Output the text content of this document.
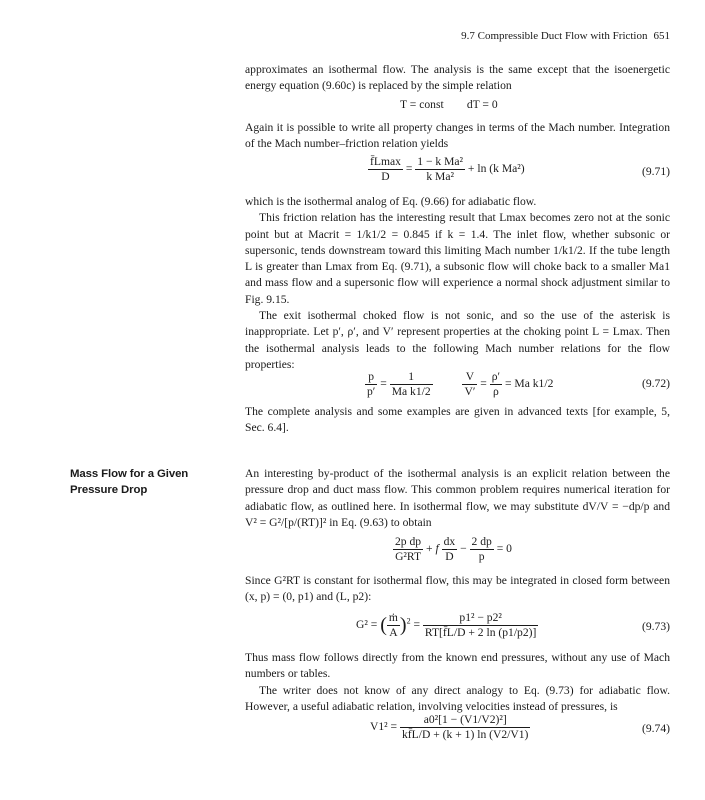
9.7 Compressible Duct Flow with Friction 651

approximates an isothermal flow. The analysis is the same except that the isoenergetic energy equation (9.60c) is replaced by the simple relation

T = const        dT = 0

Again it is possible to write all property changes in terms of the Mach number. Integration of the Mach number–friction relation yields

$\frac{f̄Lmax}{D} = \frac{\text{1 − k Ma²}}{\text{k Ma²}} + \ln (k$ Ma²)	(9.71)

which is the isothermal analog of Eq. (9.66) for adiabatic flow.

This friction relation has the interesting result that Lmax becomes zero not at the sonic point but at Macrit = 1/k1/2 = 0.845 if k = 1.4. The inlet flow, whether subsonic or supersonic, tends downstream toward this limiting Mach number 1/k1/2. If the tube length L is greater than Lmax from Eq. (9.71), a subsonic flow will choke back to a smaller Ma1 and mass flow and a supersonic flow will experience a normal shock adjustment similar to Fig. 9.15.

The exit isothermal choked flow is not sonic, and so the use of the asterisk is inappropriate. Let p′, ρ′, and V′ represent properties at the choking point L = Lmax. Then the isothermal analysis leads to the following Mach number relations for the flow properties:

$\frac{p}{p'} = \frac{1}{\text{Ma k1/2}}$
	$\frac{V}{V'} = \frac{\rho'}{\rho} = Ma$ k1/2	(9.72)

The complete analysis and some examples are given in advanced texts [for example, 5, Sec. 6.4].

Mass Flow for a Given Pressure Drop

An interesting by-product of the isothermal analysis is an explicit relation between the pressure drop and duct mass flow. This common problem requires numerical iteration for adiabatic flow, as outlined here. In isothermal flow, we may substitute dV/V = −dp/p and V² = G²/[p/(RT)]² in Eq. (9.63) to obtain

$\frac{\text{2p dp}}{\text{G²RT}} + f \frac{dx}{D} - \frac{2 dp}{p} = 0$

Since G²RT is constant for isothermal flow, this may be integrated in closed form between (x, p) = (0, p1) and (L, p2):

G² = ( $\frac{\text{ṁ}}{A} )^2 = \frac{\text{p1² − p2²}}{RT[f̄L/D + 2 \ln (p1/p2)]}$	(9.73)

Thus mass flow follows directly from the known end pressures, without any use of Mach numbers or tables.

The writer does not know of any direct analogy to Eq. (9.73) for adiabatic flow. However, a useful adiabatic relation, involving velocities instead of pressures, is

$V1^2 = \frac{\text{a0²[1 − (V1/V2)²]}}{kf̄L/D + (k + 1) \ln (V2/V1)}$	(9.74)
